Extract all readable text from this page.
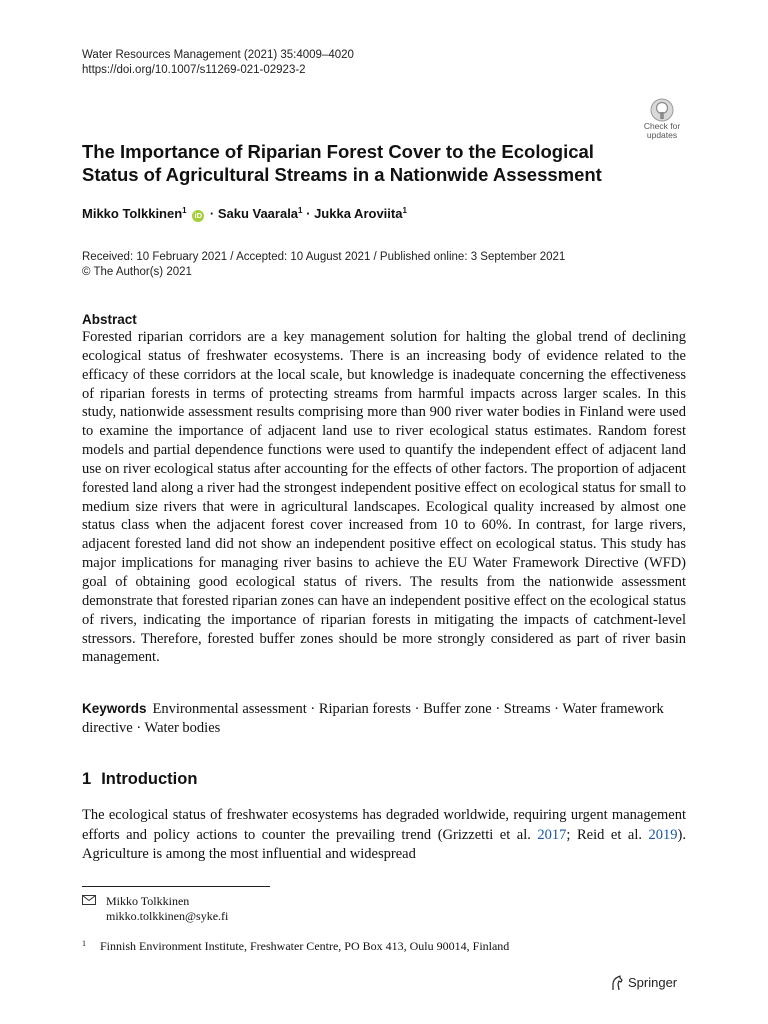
Water Resources Management (2021) 35:4009–4020
https://doi.org/10.1007/s11269-021-02923-2
Check for updates
The Importance of Riparian Forest Cover to the Ecological Status of Agricultural Streams in a Nationwide Assessment
Mikko Tolkkinen$^1$ iD · Saku Vaarala$^1$ · Jukka Aroviita$^1$
Received: 10 February 2021 / Accepted: 10 August 2021 / Published online: 3 September 2021
© The Author(s) 2021
Abstract

Forested riparian corridors are a key management solution for halting the global trend of declining ecological status of freshwater ecosystems. There is an increasing body of evidence related to the efficacy of these corridors at the local scale, but knowledge is inadequate concerning the effectiveness of riparian forests in terms of protecting streams from harmful impacts across larger scales. In this study, nationwide assessment results comprising more than 900 river water bodies in Finland were used to examine the importance of adjacent land use to river ecological status estimates. Random forest models and partial dependence functions were used to quantify the independent effect of adjacent land use on river ecological status after accounting for the effects of other factors. The proportion of adjacent forested land along a river had the strongest independent positive effect on ecological status for small to medium size rivers that were in agricultural landscapes. Ecological quality increased by almost one status class when the adjacent forest cover increased from 10 to 60%. In contrast, for large rivers, adjacent forested land did not show an independent positive effect on ecological status. This study has major implications for managing river basins to achieve the EU Water Framework Directive (WFD) goal of obtaining good ecological status of rivers. The results from the nationwide assessment demonstrate that forested riparian zones can have an independent positive effect on the ecological status of rivers, indicating the importance of riparian forests in mitigating the impacts of catchment-level stressors. Therefore, forested buffer zones should be more strongly considered as part of river basin management.

Keywords Environmental assessment · Riparian forests · Buffer zone · Streams · Water framework directive · Water bodies

1 Introduction

The ecological status of freshwater ecosystems has degraded worldwide, requiring urgent management efforts and policy actions to counter the prevailing trend (Grizzetti et al. 2017; Reid et al. 2019). Agriculture is among the most influential and widespread

Mikko Tolkkinen
mikko.tolkkinen@syke.fi
$^1$ Finnish Environment Institute, Freshwater Centre, PO Box 413, Oulu 90014, Finland
Springer
